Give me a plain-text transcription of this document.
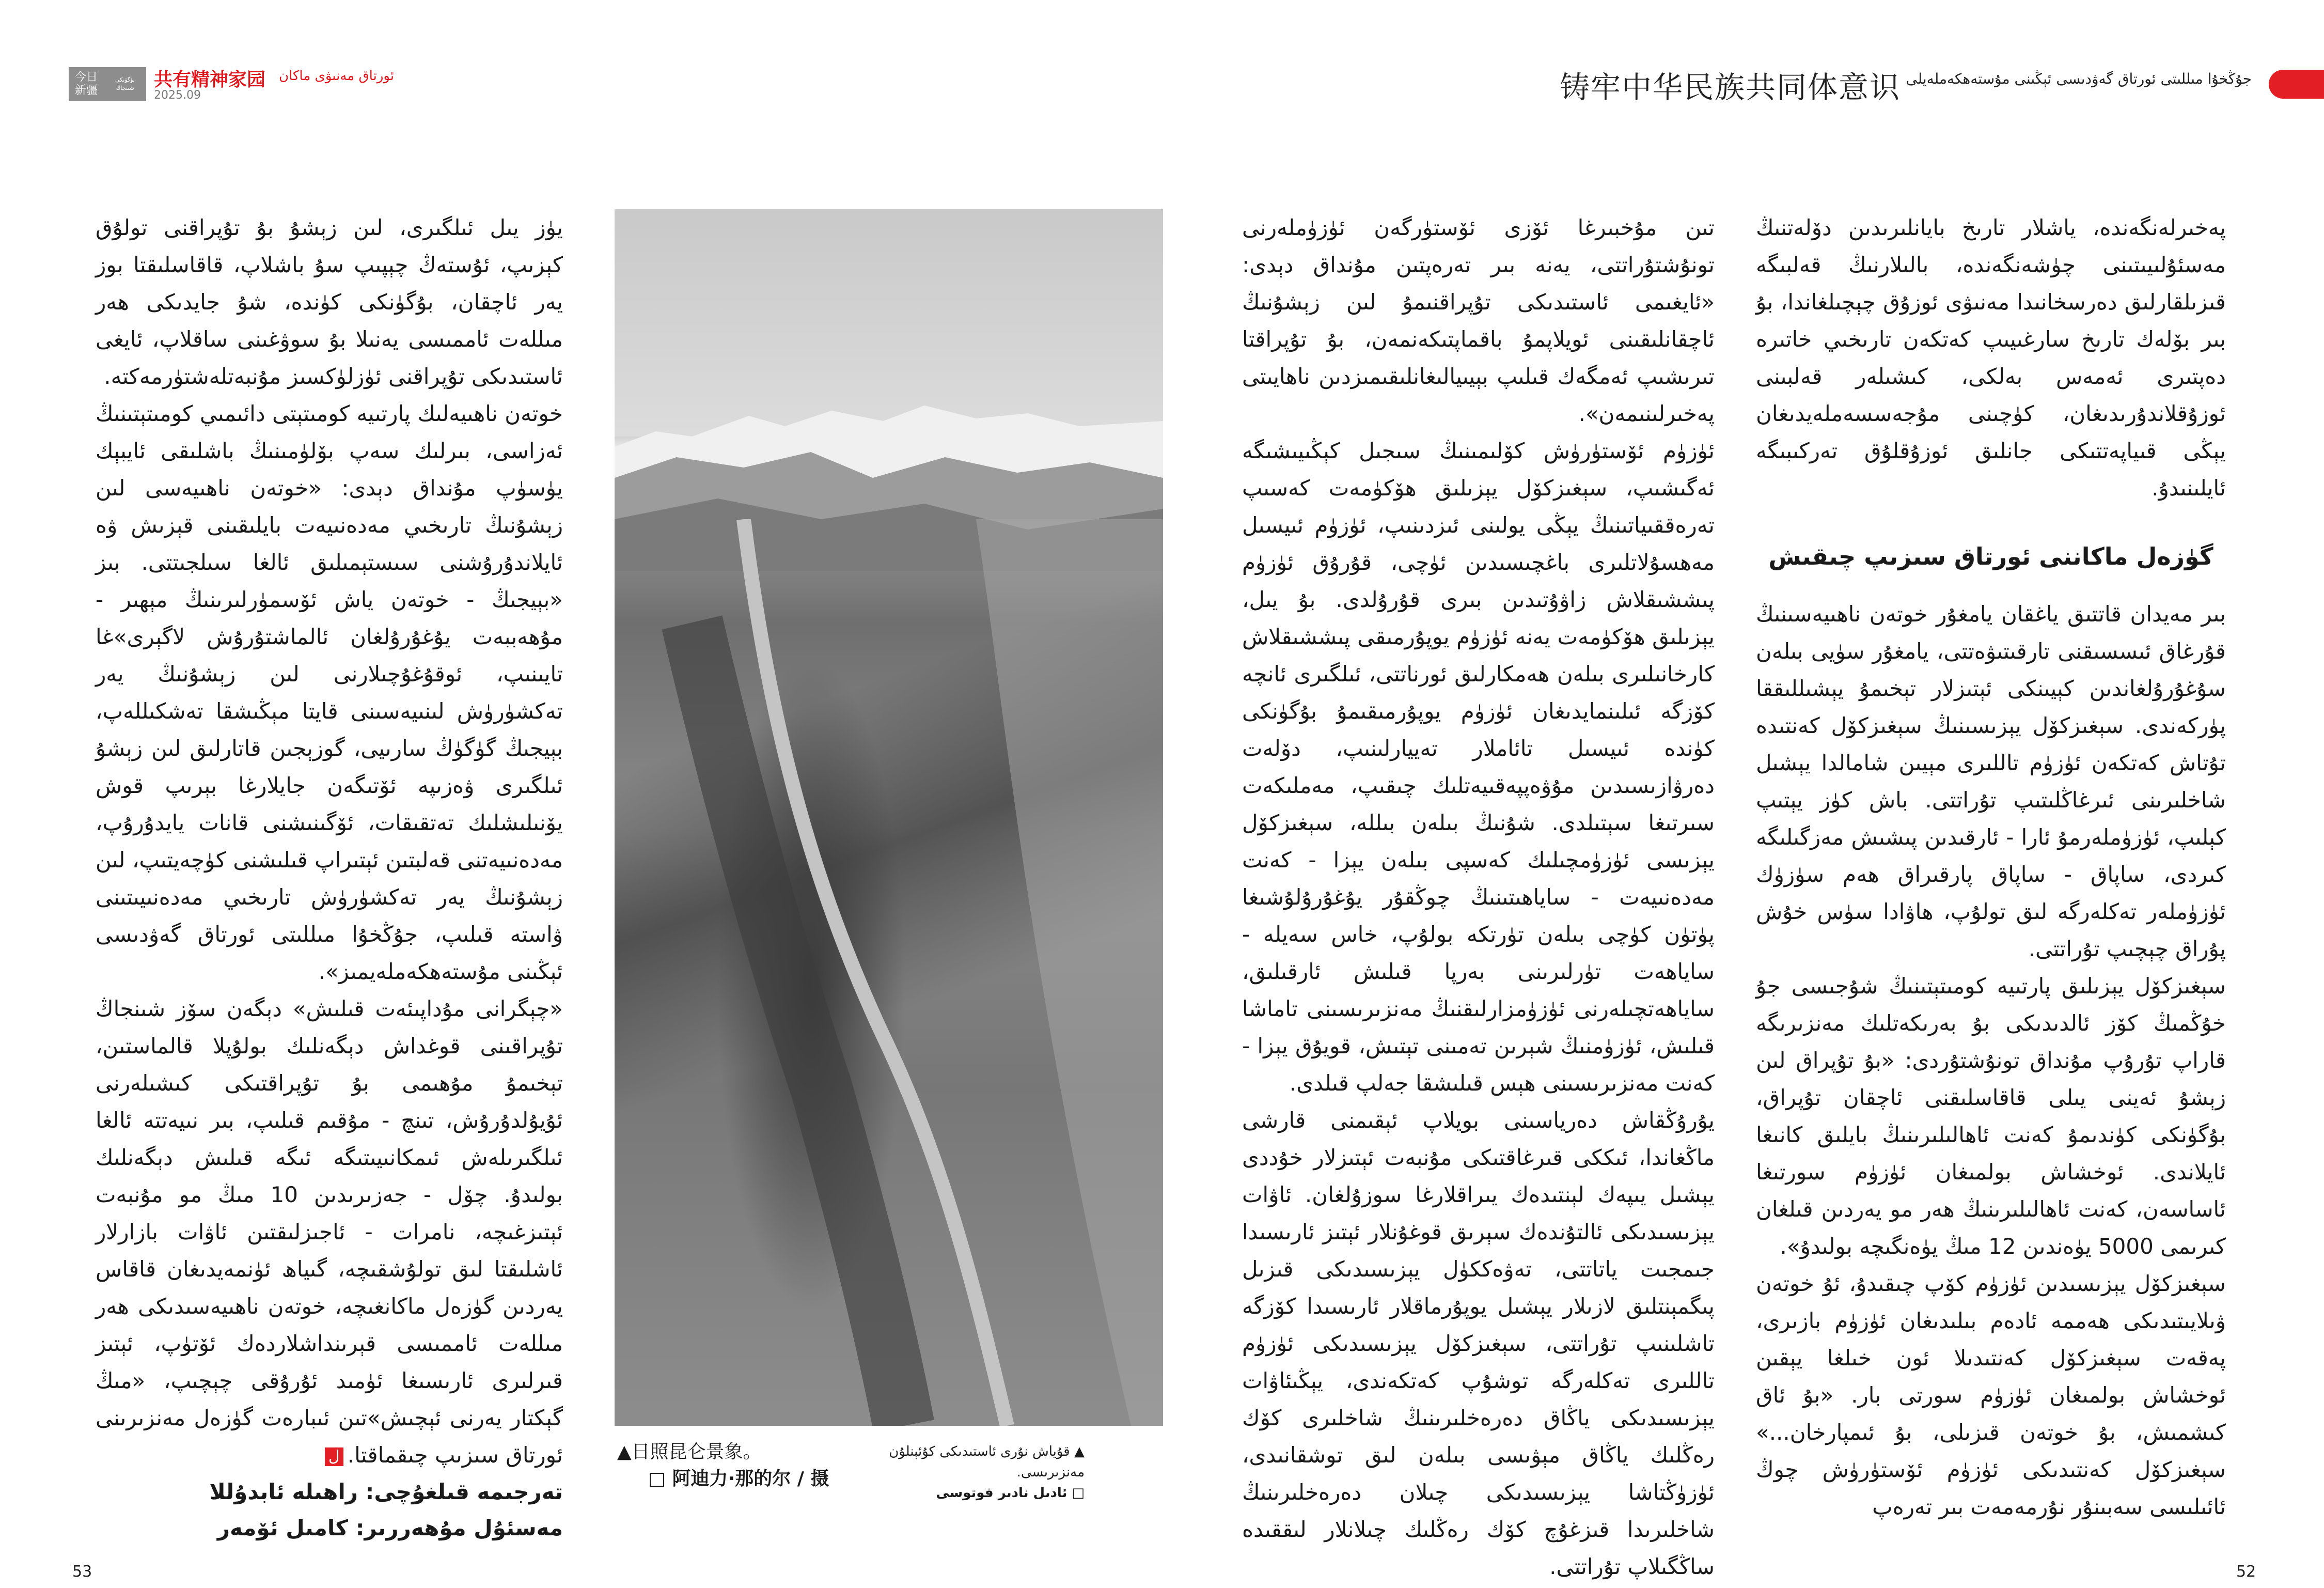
今日新疆
بۈگۈنكى شىنجاڭ	共有精神家园 ئورتاق مەنىۋى ماكان
2025.09	铸牢中华民族共同体意识 جۇڭخۇا مىللىتى ئورتاق گەۋدىسى ئېڭىنى مۇستەھكەملەيلى

يۈز يىل ئىلگىرى، لىن زېشۇ بۇ تۇپراقنى تولۇق كېزىپ، ئۇستەڭ چېپىپ سۇ باشلاپ، قاقاسلىقتا بوز يەر ئاچقان، بۇگۈنكى كۈندە، شۇ جايدىكى ھەر مىللەت ئاممىسى يەنىلا بۇ سوۋغىنى ساقلاپ، ئايغى ئاستىدىكى تۇپراقنى ئۈزلۈكسىز مۇنبەتلەشتۈرمەكتە.

خوتەن ناھىيەلىك پارتىيە كومىتېتى دائىمىي كومىتېتىنىڭ ئەزاسى، بىرلىك سەپ بۆلۈمىنىڭ باشلىقى ئايبېك يۈسۈپ مۇنداق دېدى: «خوتەن ناھىيەسى لىن زېشۇنىڭ تارىخىي مەدەنىيەت بايلىقىنى قېزىش ۋە ئايلاندۇرۇشنى سىستېمىلىق ئالغا سىلجىتتى. بىز «بېيجىڭ - خوتەن ياش ئۆسمۈرلىرىنىڭ مېھىر - مۇھەببەت يۇغۇرۇلغان ئالماشتۇرۇش لاگېرى»غا تايىنىپ، ئوقۇغۇچىلارنى لىن زېشۇنىڭ يەر تەكشۈرۈش لىنىيەسىنى قايتا مېڭىشقا تەشكىللەپ، بېيجىڭ گۈگۈڭ سارىيى، گوزېجىن قاتارلىق لىن زېشۇ ئىلگىرى ۋەزىپە ئۆتىگەن جايلارغا بېرىپ قوش يۆنىلىشلىك تەتقىقات، ئۆگىنىشنى قانات يايدۇرۇپ، مەدەنىيەتنى قەلبتىن ئېتىراپ قىلىشنى كۈچەيتىپ، لىن زېشۇنىڭ يەر تەكشۈرۈش تارىخىي مەدەنىيىتىنى ۋاستە قىلىپ، جۇڭخۇا مىللىتى ئورتاق گەۋدىسى ئېڭىنى مۇستەھكەملەيمىز».

«چېگرانى مۇداپىئەت قىلىش» دېگەن سۆز شىنجاڭ تۇپراقىنى قوغداش دېگەنلىك بولۇپلا قالماستىن، تېخىمۇ مۇھىمى بۇ تۇپراقتىكى كىشىلەرنى ئۇيۇلدۇرۇش، تىنچ - مۇقىم قىلىپ، بىر نىيەتتە ئالغا ئىلگىرىلەش ئىمكانىيىتىگە ئىگە قىلىش دېگەنلىك بولىدۇ. چۆل - جەزىرىدىن 10 مىڭ مو مۇنبەت ئېتىزغىچە، نامرات - ئاجىزلىقتىن ئاۋات بازارلار ئاشلىقتا لىق تولۇشقىچە، گىياھ ئۈنمەيدىغان قاقاس يەردىن گۈزەل ماكانغىچە، خوتەن ناھىيەسىدىكى ھەر مىللەت ئاممىسى قېرىنداشلاردەك ئۆتۈپ، ئېتىز قىرلىرى ئارىسىغا ئۈمىد ئۇرۇقى چېچىپ، «مىڭ گېكتار يەرنى ئېچىش»تىن ئىبارەت گۈزەل مەنزىرىنى ئورتاق سىزىپ چىقماقتا.ل

تەرجىمە قىلغۇچى: راھىلە ئابدۇللا

مەسئۇل مۇھەررىر: كامىل ئۆمەر

▲日照昆仑景象。
□ 阿迪力·那的尔 / 摄
▲ قۇياش نۇرى ئاستىدىكى كۇئېنلۇن مەنزىرىسى.
□ ئادىل نادىر فوتوسى
53

تىن مۇخبىرغا ئۆزى ئۆستۈرگەن ئۈزۈملەرنى تونۇشتۇراتتى، يەنە بىر تەرەپتىن مۇنداق دېدى: «ئايغىمى ئاستىدىكى تۇپراقنىمۇ لىن زېشۇنىڭ ئاچقانلىقىنى ئويلاپمۇ باقماپتىكەنمەن، بۇ تۇپراقتا تىرىشىپ ئەمگەك قىلىپ بېيىيالىغانلىقىمىزدىن ناھايىتى پەخىرلىنىمەن».

ئۈزۈم ئۆستۈرۈش كۆلىمىنىڭ سىجىل كېڭىيىشىگە ئەگىشىپ، سېغىزكۆل يېزىلىق ھۆكۈمەت كەسىپ تەرەققىياتىنىڭ يېڭى يولىنى ئىزدىنىپ، ئۈزۈم ئىيسىل مەھسۇلاتلىرى باغچىسىدىن ئۈچى، قۇرۇق ئۈزۈم پىششىقلاش زاۋۇتىدىن بىرى قۇرۇلدى. بۇ يىل، يېزىلىق ھۆكۈمەت يەنە ئۈزۈم يوپۇرمىقى پىششىقلاش كارخانىلىرى بىلەن ھەمكارلىق ئورناتتى، ئىلگىرى ئانچە كۆزگە ئىلىنمايدىغان ئۈزۈم يوپۇرمىقىمۇ بۇگۈنكى كۈندە ئىيسىل تائاملار تەييارلىنىپ، دۆلەت دەرۋازىسىدىن مۇۋەپپەقىيەتلىك چىقىپ، مەملىكەت سىرتىغا سېتىلدى. شۇنىڭ بىلەن بىللە، سېغىزكۆل يېزىسى ئۈزۈمچىلىك كەسپى بىلەن يېزا - كەنت مەدەنىيەت - ساياھىتىنىڭ چوڭقۇر يۇغۇرۇلۇشىغا پۈتۈن كۈچى بىلەن تۈرتكە بولۇپ، خاس سەيلە - ساياھەت تۈرلىرىنى بەرپا قىلىش ئارقىلىق، ساياھەتچىلەرنى ئۈزۈمزارلىقنىڭ مەنزىرىسىنى تاماشا قىلىش، ئۈزۈمنىڭ شېرىن تەمىنى تېتىش، قويۇق يېزا - كەنت مەنزىرىسىنى ھېس قىلىشقا جەلپ قىلدى.

يۇرۇڭقاش دەرياسىنى بويلاپ ئېقىمنى قارشى ماڭغاندا، ئىككى قىرغاقتىكى مۇنبەت ئېتىزلار خۇددى يېشىل يىپەك لېنتىدەك يىراقلارغا سوزۇلغان. ئاۋات يېزىسىدىكى ئالتۇندەك سېرىق قوغۇنلار ئېتىز ئارىسىدا جىمجىت ياتاتتى، تەۋەككۈل يېزىسىدىكى قىزىل پىگمېنتلىق لازىلار يېشىل يوپۇرماقلار ئارىسىدا كۆزگە تاشلىنىپ تۇراتتى، سېغىزكۆل يېزىسىدىكى ئۈزۈم تاللىرى تەكلەرگە توشۇپ كەتكەندى، يېڭىئاۋات يېزىسىدىكى ياڭاق دەرەخلىرىنىڭ شاخلىرى كۆك رەڭلىك ياڭاق مېۋىسى بىلەن لىق توشقانىدى، ئۈزۈڭتاشا يېزىسىدىكى چىلان دەرەخلىرىنىڭ شاخلىرىدا قىزغۇچ كۆك رەڭلىك چىلانلار لىققىدە ساڭگىلاپ تۇراتتى.

پەخىرلەنگەندە، ياشلار تارىخ بايانلىرىدىن دۆلەتنىڭ مەسئۇلىيىتىنى چۈشەنگەندە، بالىلارنىڭ قەلبىگە قىزىلقارلىق دەرسخانىدا مەنىۋى ئوزۇق چېچىلغاندا، بۇ بىر بۆلەك تارىخ سارغىيىپ كەتكەن تارىخىي خاتىرە دەپتىرى ئەمەس بەلكى، كىشىلەر قەلبىنى ئوزۇقلاندۇرىدىغان، كۈچىنى مۇجەسسەملەيدىغان يېڭى قىياپەتتىكى جانلىق ئوزۇقلۇق تەركىبىگە ئايلىنىدۇ.

گۈزەل ماكاننى ئورتاق سىزىپ چىقىش

بىر مەيدان قاتتىق ياغقان يامغۇر خوتەن ناھىيەسىنىڭ قۇرغاق ئىسسىقنى تارقىتىۋەتتى، يامغۇر سۈيى بىلەن سۇغۇرۇلغاندىن كېيىنكى ئېتىزلار تېخىمۇ يېشىللىققا پۈركەندى. سېغىزكۆل يېزىسىنىڭ سېغىزكۆل كەنتىدە تۇتاش كەتكەن ئۈزۈم تاللىرى مېيىن شامالدا يېشىل شاخلىرىنى ئىرغاڭلىتىپ تۇراتتى. باش كۈز يېتىپ كېلىپ، ئۈزۈملەرمۇ ئارا - ئارقىدىن پىشىش مەزگىلىگە كىردى، ساپاق - ساپاق پارقىراق ھەم سۈزۈك ئۈزۈملەر تەكلەرگە لىق تولۇپ، ھاۋادا سۈس خۇش پۇراق چېچىپ تۇراتتى.

سېغىزكۆل يېزىلىق پارتىيە كومىتېتىنىڭ شۇجىسى جۇ خۇڭمىڭ كۆز ئالدىدىكى بۇ بەرىكەتلىك مەنزىرىگە قاراپ تۇرۇپ مۇنداق تونۇشتۇردى: «بۇ تۇپراق لىن زېشۇ ئەينى يىلى قاقاسلىقنى ئاچقان تۇپراق، بۇگۈنكى كۈندىمۇ كەنت ئاھالىلىرىنىڭ بايلىق كانىغا ئايلاندى. ئوخشاش بولمىغان ئۈزۈم سورتىغا ئاساسەن، كەنت ئاھالىلىرىنىڭ ھەر مو يەردىن قىلغان كىرىمى 5000 يۈەندىن 12 مىڭ يۈەنگىچە بولىدۇ».

سېغىزكۆل يېزىسىدىن ئۈزۈم كۆپ چىقىدۇ، ئۇ خوتەن ۋىلايىتىدىكى ھەممە ئادەم بىلىدىغان ئۈزۈم بازىرى، پەقەت سېغىزكۆل كەنتىدىلا ئون خىلغا يېقىن ئوخشاش بولمىغان ئۈزۈم سورتى بار. «بۇ ئاق كىشمىش، بۇ خوتەن قىزىلى، بۇ ئىمپارخان...» سېغىزكۆل كەنتىدىكى ئۈزۈم ئۆستۈرۈش چوڭ ئائىلىسى سەبىنۇر نۇرمەمەت بىر تەرەپ

52
